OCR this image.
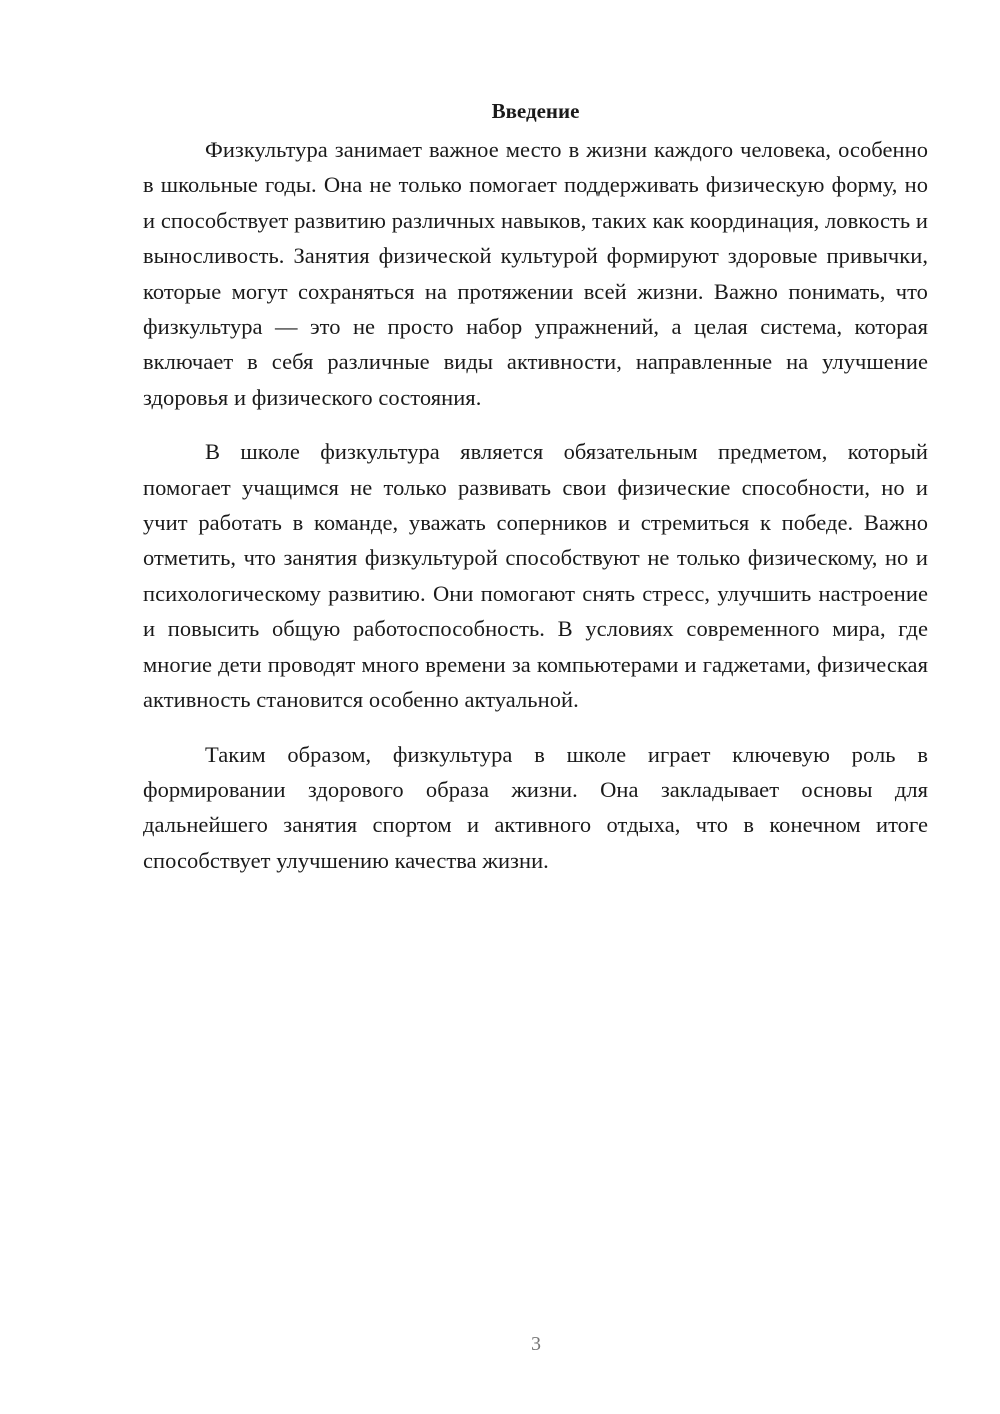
Введение

Физкультура занимает важное место в жизни каждого человека, особенно в школьные годы. Она не только помогает поддерживать физическую форму, но и способствует развитию различных навыков, таких как координация, ловкость и выносливость. Занятия физической культурой формируют здоровые привычки, которые могут сохраняться на протяжении всей жизни. Важно понимать, что физкультура — это не просто набор упражнений, а целая система, которая включает в себя различные виды активности, направленные на улучшение здоровья и физического состояния.

В школе физкультура является обязательным предметом, который помогает учащимся не только развивать свои физические способности, но и учит работать в команде, уважать соперников и стремиться к победе. Важно отметить, что занятия физкультурой способствуют не только физическому, но и психологическому развитию. Они помогают снять стресс, улучшить настроение и повысить общую работоспособность. В условиях современного мира, где многие дети проводят много времени за компьютерами и гаджетами, физическая активность становится особенно актуальной.

Таким образом, физкультура в школе играет ключевую роль в формировании здорового образа жизни. Она закладывает основы для дальнейшего занятия спортом и активного отдыха, что в конечном итоге способствует улучшению качества жизни.

3
